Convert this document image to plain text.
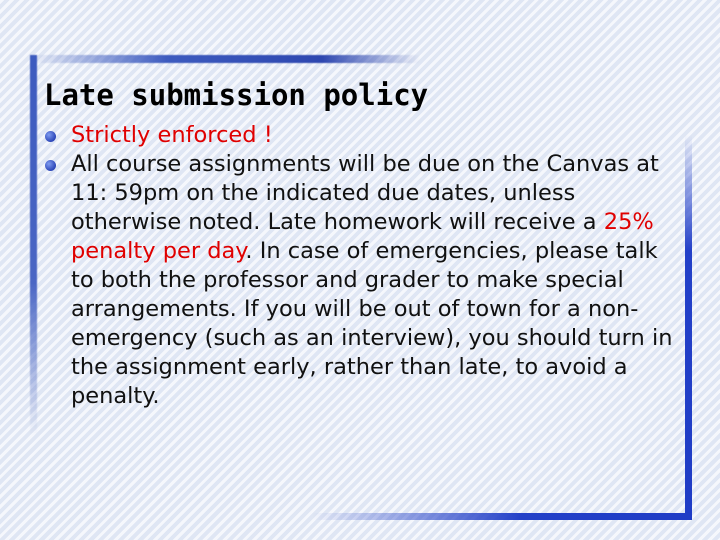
Late submission policy
Strictly enforced !
All course assignments will be due on the Canvas at 11: 59pm on the indicated due dates, unless otherwise noted. Late homework will receive a 25% penalty per day. In case of emergencies, please talk to both the professor and grader to make special arrangements. If you will be out of town for a non-emergency (such as an interview), you should turn in the assignment early, rather than late, to avoid a penalty.
